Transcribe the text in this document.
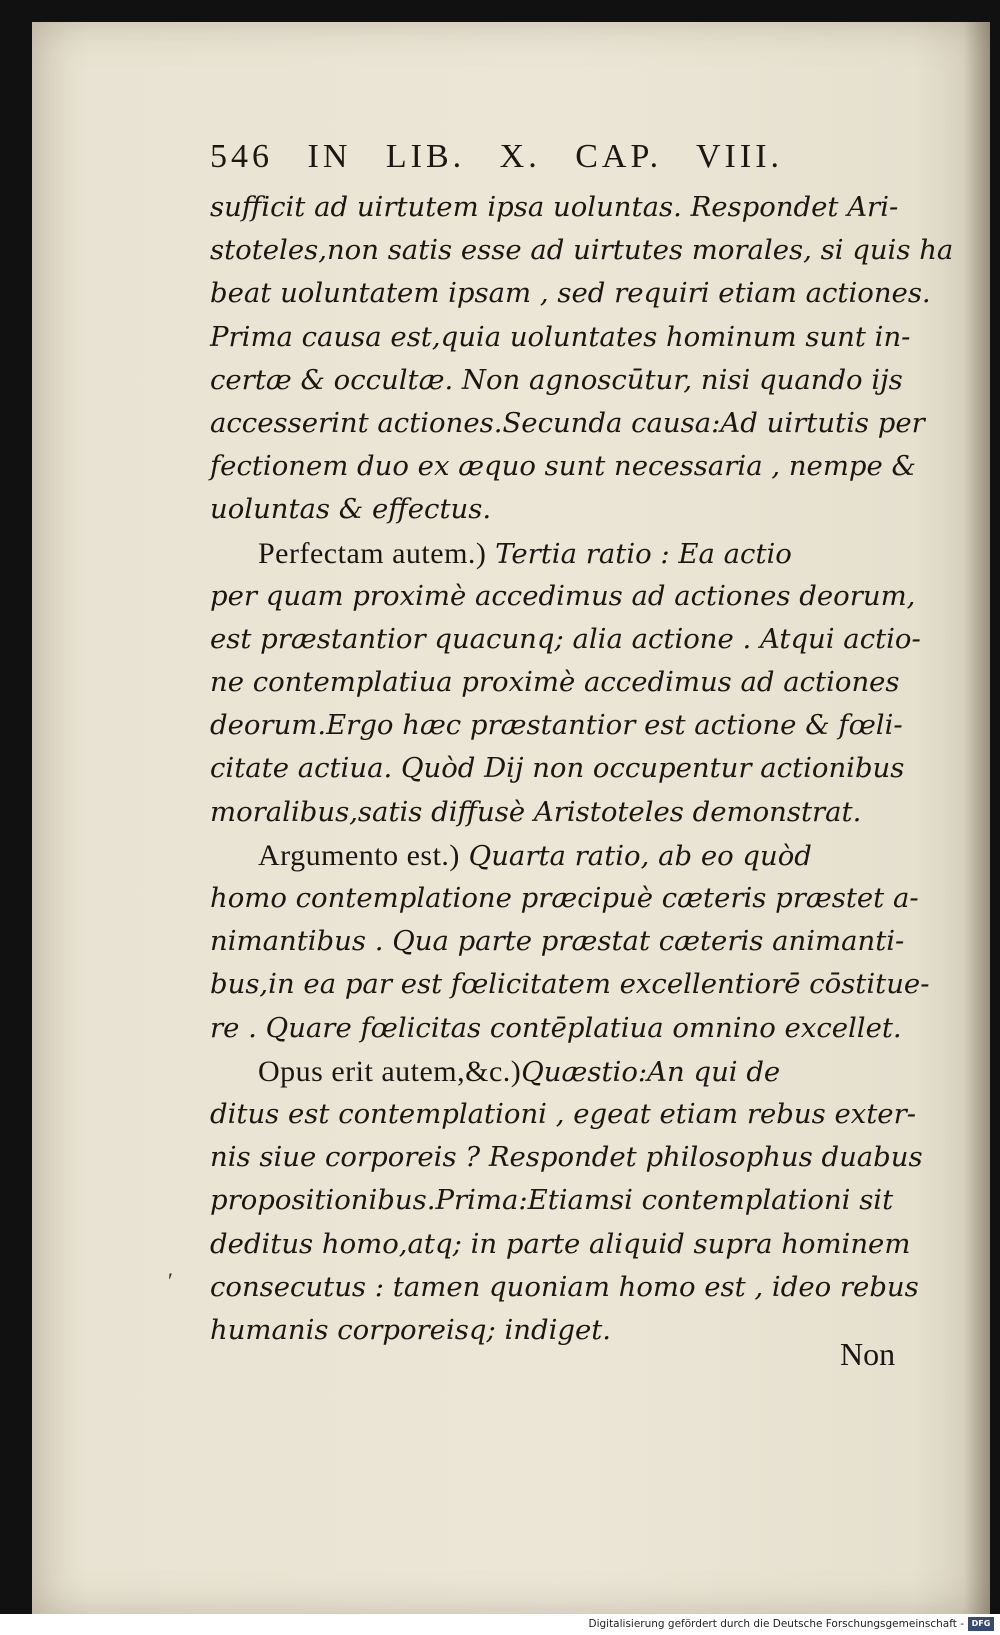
546 IN LIB. X. CAP. VIII.
sufficit ad uirtutem ipsa uoluntas. Respondet Ari-
stoteles,non satis esse ad uirtutes morales, si quis ha
beat uoluntatem ipsam , sed requiri etiam actiones.
Prima causa est,quia uoluntates hominum sunt in-
certæ & occultæ. Non agnoscūtur, nisi quando ijs
accesserint actiones.Secunda causa:Ad uirtutis per
fectionem duo ex æquo sunt necessaria , nempe &
uoluntas & effectus.
Perfectam autem.) Tertia ratio : Ea actio
per quam proximè accedimus ad actiones deorum,
est præstantior quacunq; alia actione . Atqui actio-
ne contemplatiua proximè accedimus ad actiones
deorum.Ergo hæc præstantior est actione & fœli-
citate actiua. Quòd Dij non occupentur actionibus
moralibus,satis diffusè Aristoteles demonstrat.
Argumento est.) Quarta ratio, ab eo quòd
homo contemplatione præcipuè cæteris præstet a-
nimantibus . Qua parte præstat cæteris animanti-
bus,in ea par est fœlicitatem excellentiorē cōstitue-
re . Quare fœlicitas contēplatiua omnino excellet.
Opus erit autem,&c.)Quæstio:An qui de
ditus est contemplationi , egeat etiam rebus exter-
nis siue corporeis ? Respondet philosophus duabus
propositionibus.Prima:Etiamsi contemplationi sit
deditus homo,atq; in parte aliquid supra hominem
consecutus : tamen quoniam homo est , ideo rebus
humanis corporeisq; indiget.
′
Non
Digitalisierung gefördert durch die Deutsche Forschungsgemeinschaft - DFG
